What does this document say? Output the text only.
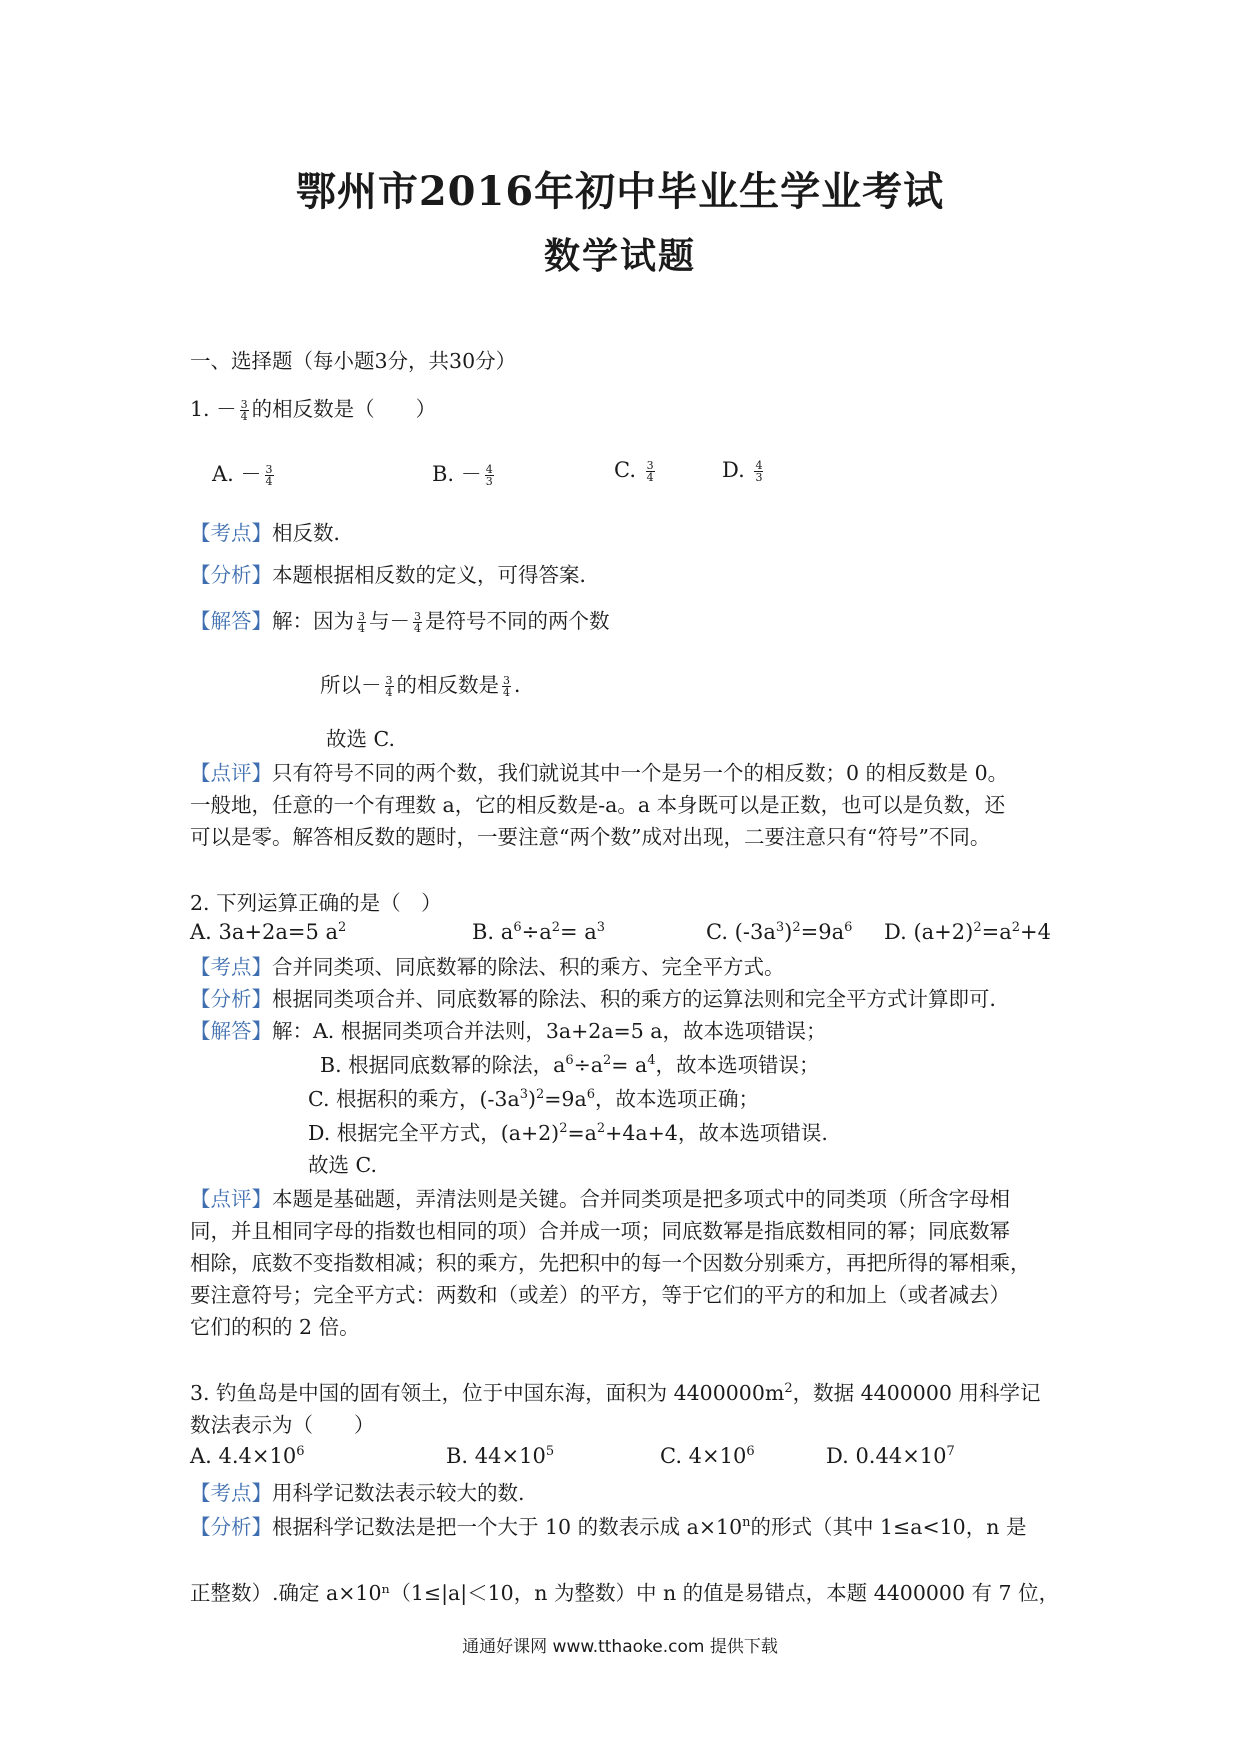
鄂州市2016年初中毕业生学业考试
数学试题
一、选择题（每小题3分，共30分）
1. － $\frac{3}{4}$ 的相反数是（　　）
A. － $\frac{3}{4}$	B. － $\frac{4}{3}$	C. $\frac{3}{4}$	D. $\frac{4}{3}$
【考点】相反数．
【分析】本题根据相反数的定义，可得答案．
【解答】解：因为 $\frac{3}{4}$ 与－ $\frac{3}{4}$ 是符号不同的两个数
所以－ $\frac{3}{4}$ 的相反数是 $\frac{3}{4}$ ．
故选 C.
【点评】只有符号不同的两个数，我们就说其中一个是另一个的相反数；0 的相反数是 0。
一般地，任意的一个有理数 a，它的相反数是-a。a 本身既可以是正数，也可以是负数，还
可以是零。解答相反数的题时，一要注意“两个数”成对出现，二要注意只有“符号”不同。
2. 下列运算正确的是（　）
A. 3a+2a=5 $a^2$	B. $a^6\div a^2= a^3$	C. $(-3a^3)^2=9a^6$ D. $(a+2)^2=a^2+4$
【考点】合并同类项、同底数幂的除法、积的乘方、完全平方式。
【分析】根据同类项合并、同底数幂的除法、积的乘方的运算法则和完全平方式计算即可．
【解答】解：A. 根据同类项合并法则，3a+2a=5 a，故本选项错误；
B. 根据同底数幂的除法，$a^6\div a^2= a^4$，故本选项错误；
C. 根据积的乘方，$(-3a^3)^2=9a^6$，故本选项正确；
D. 根据完全平方式，$(a+2)^2=a^2+4a+4$，故本选项错误.
故选 C.
【点评】本题是基础题，弄清法则是关键。合并同类项是把多项式中的同类项（所含字母相
同，并且相同字母的指数也相同的项）合并成一项；同底数幂是指底数相同的幂；同底数幂
相除，底数不变指数相减；积的乘方，先把积中的每一个因数分别乘方，再把所得的幂相乘，
要注意符号；完全平方式：两数和（或差）的平方，等于它们的平方的和加上（或者减去）
它们的积的 2 倍。
3. 钓鱼岛是中国的固有领土，位于中国东海，面积为 $4400000m^2$，数据 4400000 用科学记
数法表示为（　　）
A. $4.4\times 10^6$	B. $44\times 10^5$	C. $4\times 10^6$	D. $0.44\times 10^7$
【考点】用科学记数法表示较大的数.
【分析】根据科学记数法是把一个大于 10 的数表示成 $a\times 10^n$的形式（其中 1≤a<10，n 是
正整数）.确定 a×10ⁿ（1≤|a|＜10，n 为整数）中 n 的值是易错点，本题 4400000 有 7 位，
通通好课网 www.tthaoke.com 提供下载
